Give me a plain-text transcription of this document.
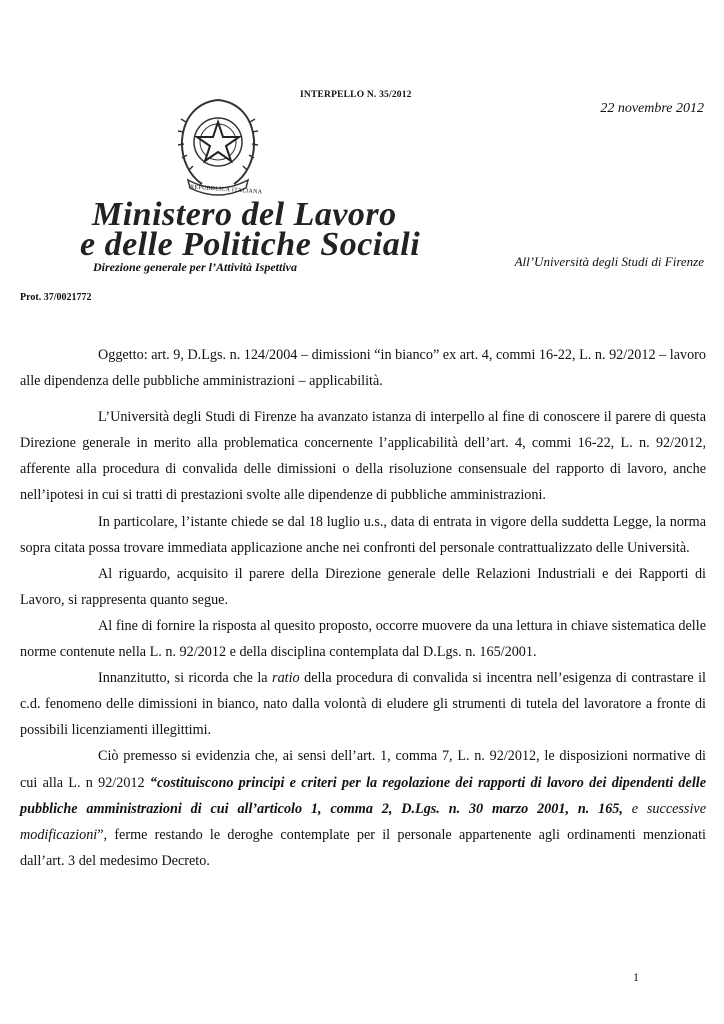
INTERPELLO N. 35/2012
22 novembre 2012
REPUBBLICA ITALIANA
Ministero del Lavoro
e delle Politiche Sociali
Direzione generale per l’Attività Ispettiva	All’Università degli Studi di Firenze
Prot. 37/0021772

Oggetto: art. 9, D.Lgs. n. 124/2004 – dimissioni “in bianco” ex art. 4, commi 16-22, L. n. 92/2012 – lavoro alle dipendenza delle pubbliche amministrazioni – applicabilità.

L’Università degli Studi di Firenze ha avanzato istanza di interpello al fine di conoscere il parere di questa Direzione generale in merito alla problematica concernente l’applicabilità dell’art. 4, commi 16-22, L. n. 92/2012, afferente alla procedura di convalida delle dimissioni o della risoluzione consensuale del rapporto di lavoro, anche nell’ipotesi in cui si tratti di prestazioni svolte alle dipendenze di pubbliche amministrazioni.

In particolare, l’istante chiede se dal 18 luglio u.s., data di entrata in vigore della suddetta Legge, la norma sopra citata possa trovare immediata applicazione anche nei confronti del personale contrattualizzato delle Università.

Al riguardo, acquisito il parere della Direzione generale delle Relazioni Industriali e dei Rapporti di Lavoro, si rappresenta quanto segue.

Al fine di fornire la risposta al quesito proposto, occorre muovere da una lettura in chiave sistematica delle norme contenute nella L. n. 92/2012 e della disciplina contemplata dal D.Lgs. n. 165/2001.

Innanzitutto, si ricorda che la ratio della procedura di convalida si incentra nell’esigenza di contrastare il c.d. fenomeno delle dimissioni in bianco, nato dalla volontà di eludere gli strumenti di tutela del lavoratore a fronte di possibili licenziamenti illegittimi.

Ciò premesso si evidenzia che, ai sensi dell’art. 1, comma 7, L. n. 92/2012, le disposizioni normative di cui alla L. n 92/2012 “costituiscono principi e criteri per la regolazione dei rapporti di lavoro dei dipendenti delle pubbliche amministrazioni di cui all’articolo 1, comma 2, D.Lgs. n. 30 marzo 2001, n. 165, e successive modificazioni”, ferme restando le deroghe contemplate per il personale appartenente agli ordinamenti menzionati dall’art. 3 del medesimo Decreto.

1
